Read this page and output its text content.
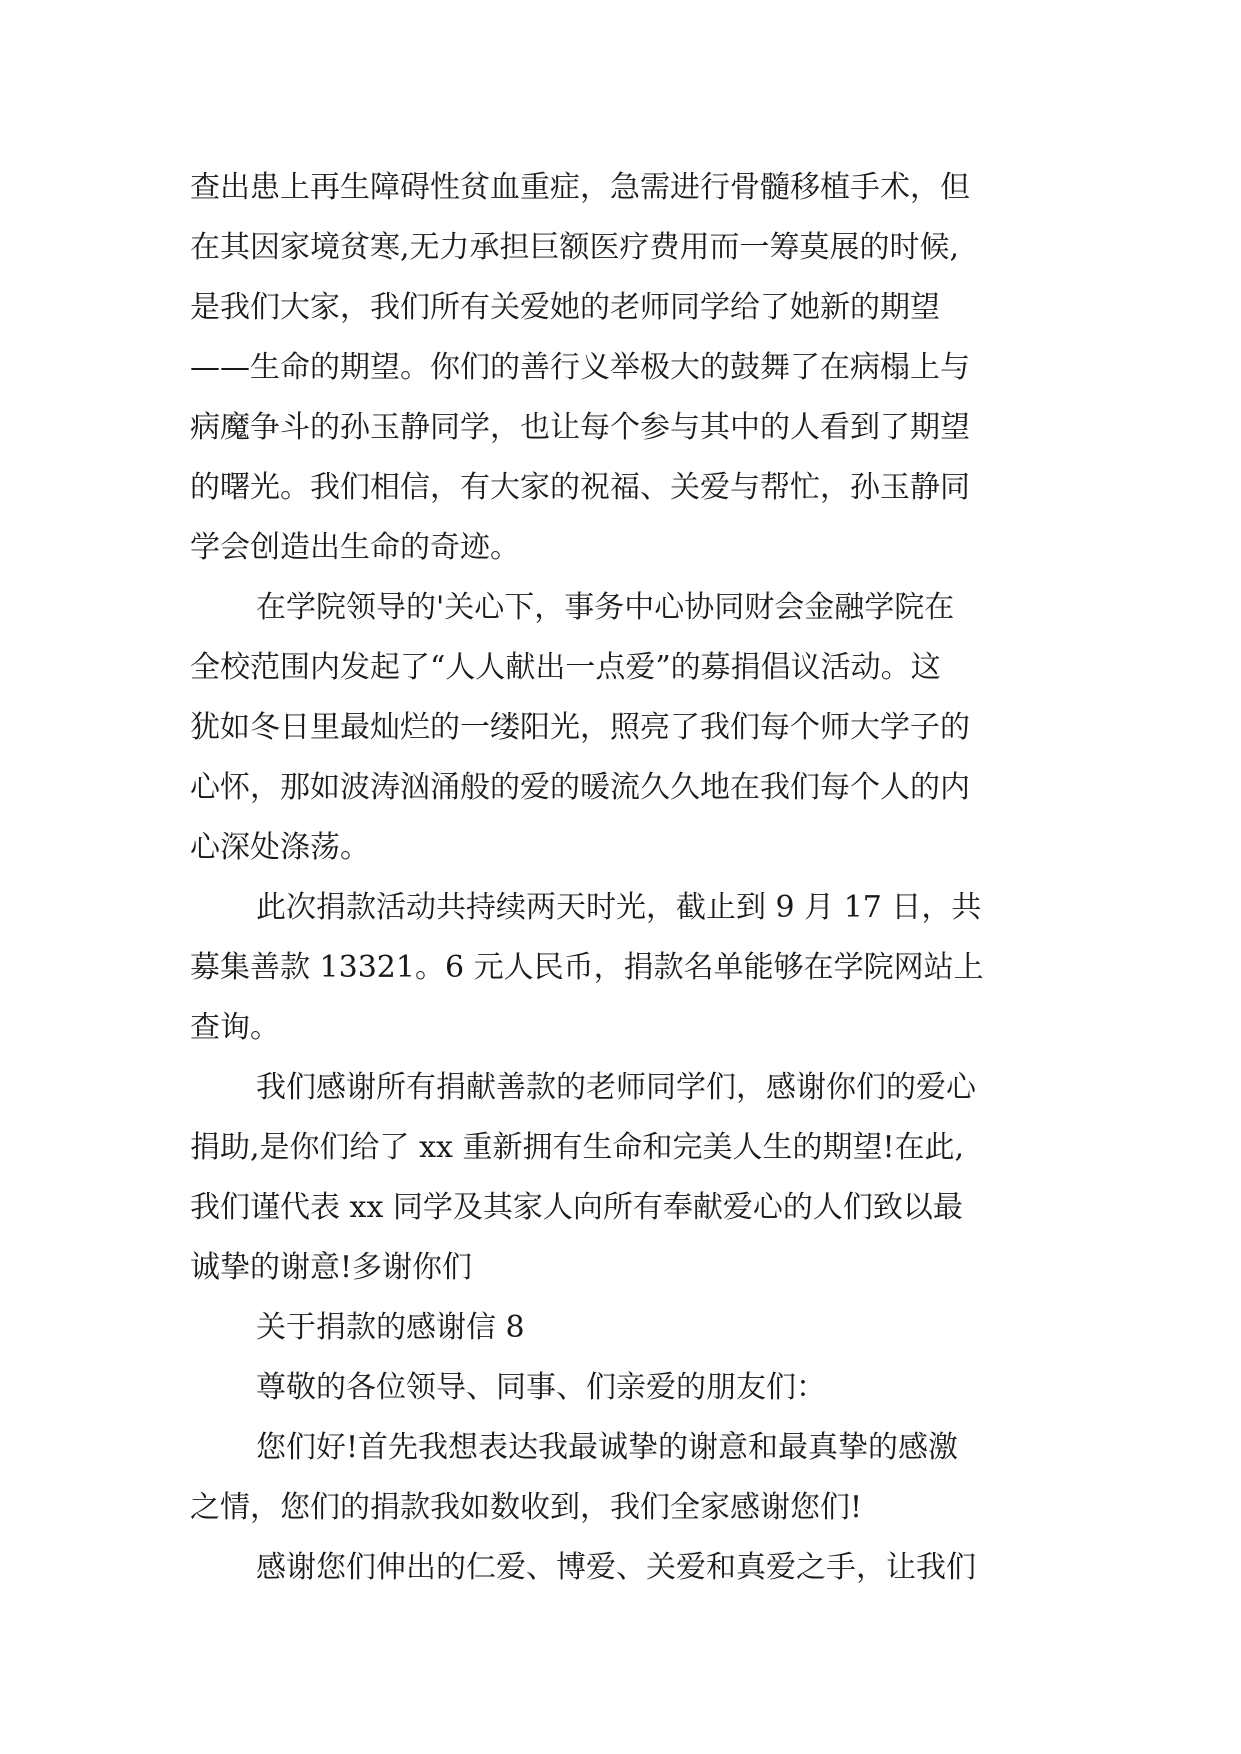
查出患上再生障碍性贫血重症，急需进行骨髓移植手术，但
在其因家境贫寒,无力承担巨额医疗费用而一筹莫展的时候,
是我们大家，我们所有关爱她的老师同学给了她新的期望
——生命的期望。你们的善行义举极大的鼓舞了在病榻上与
病魔争斗的孙玉静同学，也让每个参与其中的人看到了期望
的曙光。我们相信，有大家的祝福、关爱与帮忙，孙玉静同
学会创造出生命的奇迹。
在学院领导的'关心下，事务中心协同财会金融学院在
全校范围内发起了“人人献出一点爱”的募捐倡议活动。这
犹如冬日里最灿烂的一缕阳光，照亮了我们每个师大学子的
心怀，那如波涛汹涌般的爱的暖流久久地在我们每个人的内
心深处涤荡。
此次捐款活动共持续两天时光，截止到 9 月 17 日，共
募集善款 13321。6 元人民币，捐款名单能够在学院网站上
查询。
我们感谢所有捐献善款的老师同学们，感谢你们的爱心
捐助,是你们给了 xx 重新拥有生命和完美人生的期望!在此,
我们谨代表 xx 同学及其家人向所有奉献爱心的人们致以最
诚挚的谢意!多谢你们
关于捐款的感谢信 8
尊敬的各位领导、同事、们亲爱的朋友们：
您们好!首先我想表达我最诚挚的谢意和最真挚的感激
之情，您们的捐款我如数收到，我们全家感谢您们!
感谢您们伸出的仁爱、博爱、关爱和真爱之手，让我们
